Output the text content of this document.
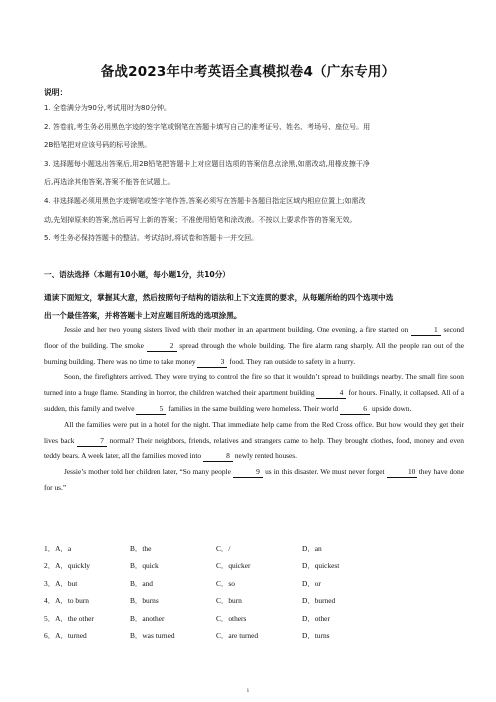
备战2023年中考英语全真模拟卷4（广东专用）
说明：
1. 全卷满分为90分,考试用时为80分钟。
2. 答卷前,考生务必用黑色字迹的签字笔或钢笔在答题卡填写自己的准考证号、姓名、考场号、座位号。用
2B铅笔把对应该号码的标号涂黑。
3. 选择题每小题选出答案后,用2B铅笔把答题卡上对应题目选项的答案信息点涂黑,如需改动,用橡皮擦干净
后,再选涂其他答案,答案不能答在试题上。
4. 非选择题必须用黑色字迹钢笔或签字笔作答,答案必须写在答题卡各题目指定区域内相应位置上;如需改
动,先划掉原来的答案,然后再写上新的答案；不准使用铅笔和涂改液。不按以上要求作答的答案无效。
5. 考生务必保持答题卡的整洁。考试结时,将试卷和答题卡一并交回。
一、语法选择（本题有10小题，每小题1分，共10分）
通读下面短文，掌握其大意，然后按照句子结构的语法和上下文连贯的要求，从每题所给的四个选项中选
出一个最佳答案，并将答题卡上对应题目所选的选项涂黑。

Jessie and her two young sisters lived with their mother in an apartment building. One evening, a fire started on	1 second floor of the building. The smoke	2 spread through the whole building. The fire alarm rang sharply. All the people ran out of the burning building. There was no time to take money	3 food. They ran outside to safety in a hurry.

Soon, the firefighters arrived. They were trying to control the fire so that it wouldn’t spread to buildings nearby. The small fire soon turned into a huge flame. Standing in horror, the children watched their apartment building	4 for hours. Finally, it collapsed. All of a sudden, this family and twelve	5 families in the same building were homeless. Their world	6 upside down.

All the families were put in a hotel for the night. That immediate help came from the Red Cross office. But how would they get their lives back	7 normal? Their neighbors, friends, relatives and strangers came to help. They brought clothes, food, money and even teddy bears. A week later, all the families moved into	8 newly rented houses.

Jessie’s mother told her children later, “So many people	9 us in this disaster. We must never forget	10 they have done for us.”

1．A．a	B．the	C．/	D．an
2．A．quickly	B．quick	C．quicker	D．quickest
3．A．but	B．and	C．so	D．or
4．A．to burn	B．burns	C．burn	D．burned
5．A．the other	B．another	C．others	D．other
6．A．turned	B．was turned	C．are turned	D．turns
1
